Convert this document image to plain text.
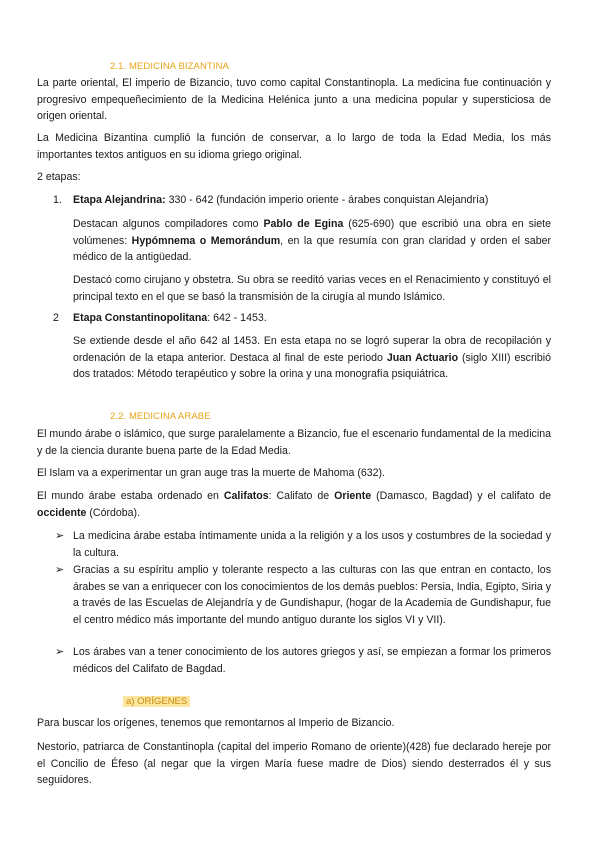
2.1. MEDICINA BIZANTINA
La parte oriental, El imperio de Bizancio, tuvo como capital Constantinopla. La medicina fue continuación y progresivo empequeñecimiento de la Medicina Helénica junto a una medicina popular y supersticiosa de origen oriental.
La Medicina Bizantina cumplió la función de conservar, a lo largo de toda la Edad Media, los más importantes textos antiguos en su idioma griego original.
2 etapas:
1. Etapa Alejandrina: 330 - 642 (fundación imperio oriente - árabes conquistan Alejandría)
Destacan algunos compiladores como Pablo de Egina (625-690) que escribió una obra en siete volúmenes: Hypómnema o Memorándum, en la que resumía con gran claridad y orden el saber médico de la antigüedad.
Destacó como cirujano y obstetra. Su obra se reeditó varias veces en el Renacimiento y constituyó el principal texto en el que se basó la transmisión de la cirugía al mundo Islámico.
2 Etapa Constantinopolitana: 642 - 1453.
Se extiende desde el año 642 al 1453. En esta etapa no se logró superar la obra de recopilación y ordenación de la etapa anterior. Destaca al final de este periodo Juan Actuario (siglo XIII) escribió dos tratados: Método terapéutico y sobre la orina y una monografía psiquiátrica.
2.2. MEDICINA ARABE
El mundo árabe o islámico, que surge paralelamente a Bizancio, fue el escenario fundamental de la medicina y de la ciencia durante buena parte de la Edad Media.
El Islam va a experimentar un gran auge tras la muerte de Mahoma (632).
El mundo árabe estaba ordenado en Califatos: Califato de Oriente (Damasco, Bagdad) y el califato de occidente (Córdoba).
➢ La medicina árabe estaba íntimamente unida a la religión y a los usos y costumbres de la sociedad y la cultura.
➢ Gracias a su espíritu amplio y tolerante respecto a las culturas con las que entran en contacto, los árabes se van a enriquecer con los conocimientos de los demás pueblos: Persia, India, Egipto, Siria y a través de las Escuelas de Alejandría y de Gundishapur, (hogar de la Academia de Gundishapur, fue el centro médico más importante del mundo antiguo durante los siglos VI y VII).
➢ Los árabes van a tener conocimiento de los autores griegos y así, se empiezan a formar los primeros médicos del Califato de Bagdad.
a) ORÍGENES
Para buscar los orígenes, tenemos que remontarnos al Imperio de Bizancio.
Nestorio, patriarca de Constantinopla (capital del imperio Romano de oriente)(428) fue declarado hereje por el Concilio de Éfeso (al negar que la virgen María fuese madre de Dios) siendo desterrados él y sus seguidores.
